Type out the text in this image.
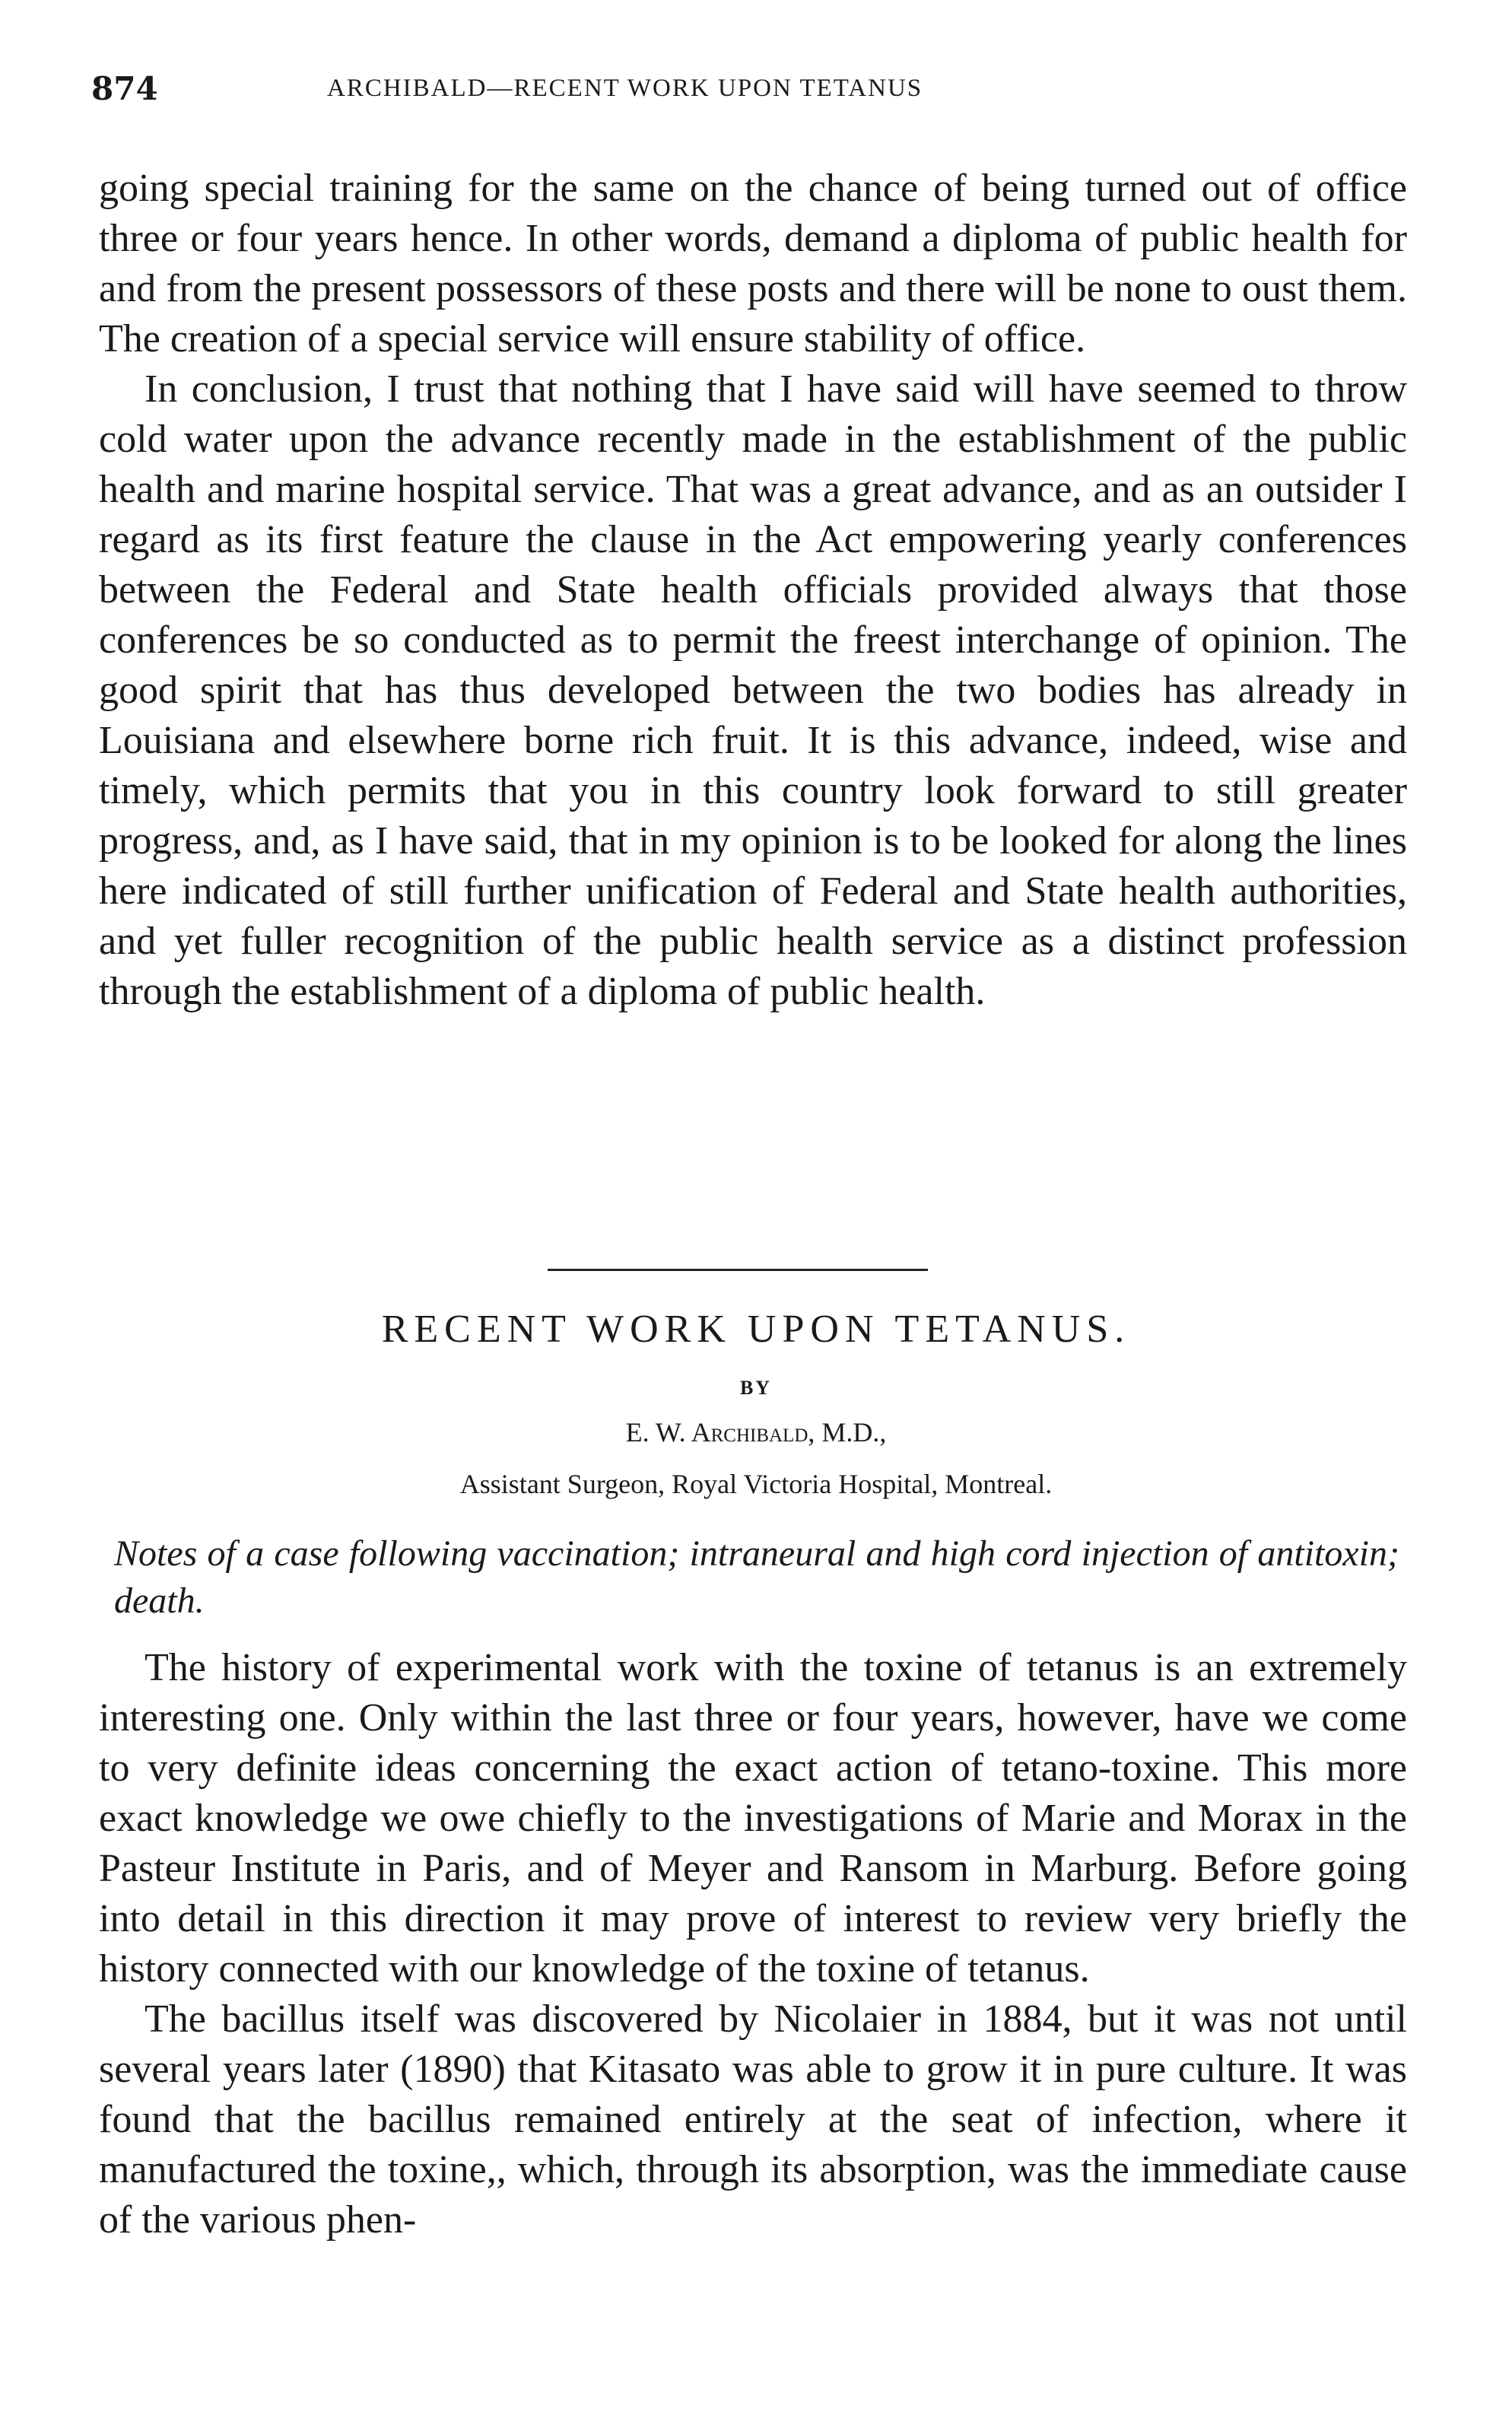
874	ARCHIBALD—RECENT WORK UPON TETANUS

going special training for the same on the chance of being turned out of office three or four years hence. In other words, demand a diploma of public health for and from the present possessors of these posts and there will be none to oust them. The creation of a special service will ensure stability of office.

In conclusion, I trust that nothing that I have said will have seemed to throw cold water upon the advance recently made in the establishment of the public health and marine hospital service. That was a great advance, and as an outsider I regard as its first feature the clause in the Act empowering yearly conferences between the Federal and State health officials provided always that those conferences be so conducted as to permit the freest interchange of opinion. The good spirit that has thus developed between the two bodies has already in Louisiana and elsewhere borne rich fruit. It is this advance, indeed, wise and timely, which permits that you in this country look forward to still greater progress, and, as I have said, that in my opinion is to be looked for along the lines here indicated of still further unification of Federal and State health authorities, and yet fuller recognition of the public health service as a distinct profession through the establishment of a diploma of public health.

RECENT WORK UPON TETANUS.
BY
E. W. Archibald, M.D.,
Assistant Surgeon, Royal Victoria Hospital, Montreal.
Notes of a case following vaccination; intraneural and high cord injection of antitoxin; death.

The history of experimental work with the toxine of tetanus is an extremely interesting one. Only within the last three or four years, however, have we come to very definite ideas concerning the exact action of tetano-toxine. This more exact knowledge we owe chiefly to the investigations of Marie and Morax in the Pasteur Institute in Paris, and of Meyer and Ransom in Marburg. Before going into detail in this direction it may prove of interest to review very briefly the history connected with our knowledge of the toxine of tetanus.

The bacillus itself was discovered by Nicolaier in 1884, but it was not until several years later (1890) that Kitasato was able to grow it in pure culture. It was found that the bacillus remained entirely at the seat of infection, where it manufactured the toxine,, which, through its absorption, was the immediate cause of the various phen-
